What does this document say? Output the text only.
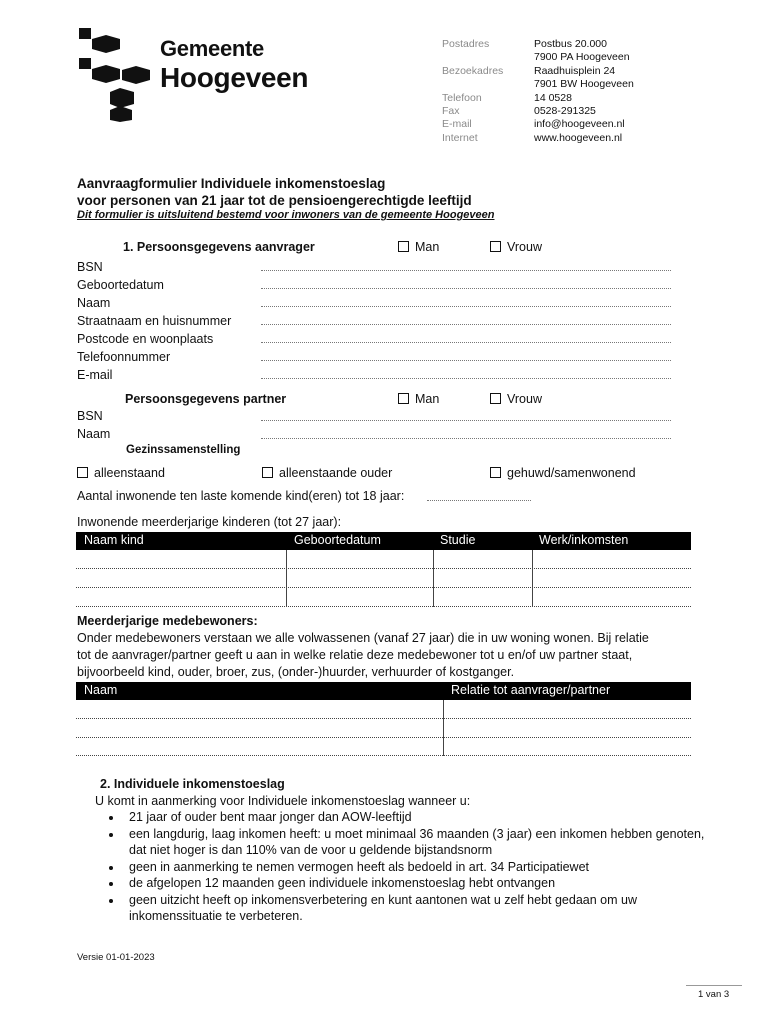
Gemeente
Hoogeveen
Postadres	Postbus 20.000
7900 PA Hoogeveen
Bezoekadres	Raadhuisplein 24
7901 BW Hoogeveen
Telefoon	14 0528
Fax	0528-291325
E-mail	info@hoogeveen.nl
Internet	www.hoogeveen.nl
Aanvraagformulier Individuele inkomenstoeslag
voor personen van 21 jaar tot de pensioengerechtigde leeftijd
Dit formulier is uitsluitend bestemd voor inwoners van de gemeente Hoogeveen
1. Persoonsgegevens aanvrager	Man	Vrouw
BSN
Geboortedatum
Naam
Straatnaam en huisnummer
Postcode en woonplaats
Telefoonnummer
E-mail
Persoonsgegevens partner	Man	Vrouw
BSN
Naam
Gezinssamenstelling
alleenstaand	alleenstaande ouder	gehuwd/samenwonend
Aantal inwonende ten laste komende kind(eren) tot 18 jaar:
Inwonende meerderjarige kinderen (tot 27 jaar):
Naam kind	Geboortedatum	Studie	Werk/inkomsten
Meerderjarige medebewoners:
Onder medebewoners verstaan we alle volwassenen (vanaf 27 jaar) die in uw woning wonen. Bij relatie
tot de aanvrager/partner geeft u aan in welke relatie deze medebewoner tot u en/of uw partner staat,
bijvoorbeeld kind, ouder, broer, zus, (onder-)huurder, verhuurder of kostganger.
Naam	Relatie tot aanvrager/partner
2. Individuele inkomenstoeslag
U komt in aanmerking voor Individuele inkomenstoeslag wanneer u:
• 21 jaar of ouder bent maar jonger dan AOW-leeftijd
• een langdurig, laag inkomen heeft: u moet minimaal 36 maanden (3 jaar) een inkomen hebben genoten, dat niet hoger is dan 110% van de voor u geldende bijstandsnorm
• geen in aanmerking te nemen vermogen heeft als bedoeld in art. 34 Participatiewet
• de afgelopen 12 maanden geen individuele inkomenstoeslag hebt ontvangen
• geen uitzicht heeft op inkomensverbetering en kunt aantonen wat u zelf hebt gedaan om uw inkomenssituatie te verbeteren.
Versie 01-01-2023
1 van 3
